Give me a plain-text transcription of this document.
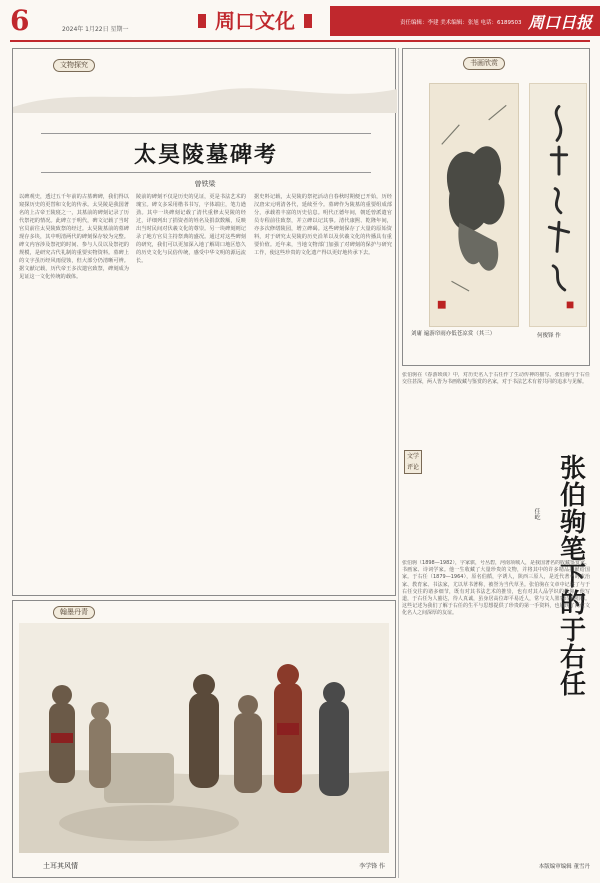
6	2024年 1月22日 星期一	周口文化	责任编辑：李建 美术编辑：张旭 电话：6189503 周口日报
文物探究
太昊陵墓碑考
曾铁梁
以碑观史，透过五千年前的古墓碑碑，我们得以窥探历史的更替和文化的传承。太昊陵是我国著名的上古帝王陵寝之一，其墓前的碑刻记录了历代祭祀的情况。此碑立于明代，碑文记载了当时官员前往太昊陵致祭的经过。太昊陵墓前的墓碑现存多块，其中明清两代的碑刻保存较为完整。碑文内容涉及祭祀的时间、参与人员以及祭祀的规模，是研究古代礼制的重要实物资料。墓碑上的文字虽历经风雨侵蚀，但大部分仍清晰可辨。据文献记载，历代帝王多次遣官致祭，碑刻成为见证这一文化传统的载体。
陵前的碑刻不仅是历史的见证，更是书法艺术的瑰宝。碑文多采用楷书书写，字体端庄，笔力遒劲。其中一块碑刻记载了清代重修太昊陵的经过，详细列出了捐资者的姓名及捐款数额，反映出当时民间对伏羲文化的尊崇。另一块碑刻则记录了地方官员主持祭典的盛况。通过对这些碑刻的研究，我们可以更加深入地了解周口地区悠久的历史文化与民俗传统，感受中华文明的源远流长。
据史料记载，太昊陵的祭祀活动自春秋时期便已开始，历经汉唐宋元明清各代，延续至今。墓碑作为陵墓的重要组成部分，承载着丰富的历史信息。明代正德年间，朝廷曾派遣官员专程前往致祭，并立碑以记其事。清代康熙、乾隆年间，亦多次修缮陵园，增立碑碣。这些碑刻保存了大量的原始资料，对于研究太昊陵的历史沿革以及伏羲文化的传播具有重要价值。近年来，当地文物部门加强了对碑刻的保护与研究工作，使这些珍贵的文化遗产得以更好地传承下去。
翰墨丹青
土耳其风情	李学锋 作
书画欣赏
刘庸 遍游帘雨亦低苍凉赏（其三）	何俊锋 作
张伯驹在《春游琐谈》中，对历史名人于右任作了生动传神的描写。张伯驹与于右任交往甚深，两人皆为书画收藏与鉴赏的名家，对于书法艺术有着共同的追求与见解。
文学评论	张
伯
驹
笔
下
的
于
右
任
任屹
张伯驹（1898—1982），字家骐，号丛碧，河南项城人，是我国著名的收藏鉴赏家、书画家、诗词学家。他一生收藏了大量珍贵的文物，并将其中的许多精品捐献给国家。于右任（1879—1964），原名伯循，字诱人，陕西三原人，是近代著名的政治家、教育家、书法家，尤以草书著称，被誉为当代草圣。张伯驹在文章中记述了与于右任交往的诸多细节，既有对其书法艺术的推崇，也有对其人品学识的敬仰。他写道，于右任为人豁达，待人真诚，虽身居高位却平易近人，常与文人墨客诗酒唱和。这些记述为我们了解于右任的生平与思想提供了珍贵的第一手资料，也展现了两位文化名人之间深厚的友谊。
本版编审编辑 董雪丹
